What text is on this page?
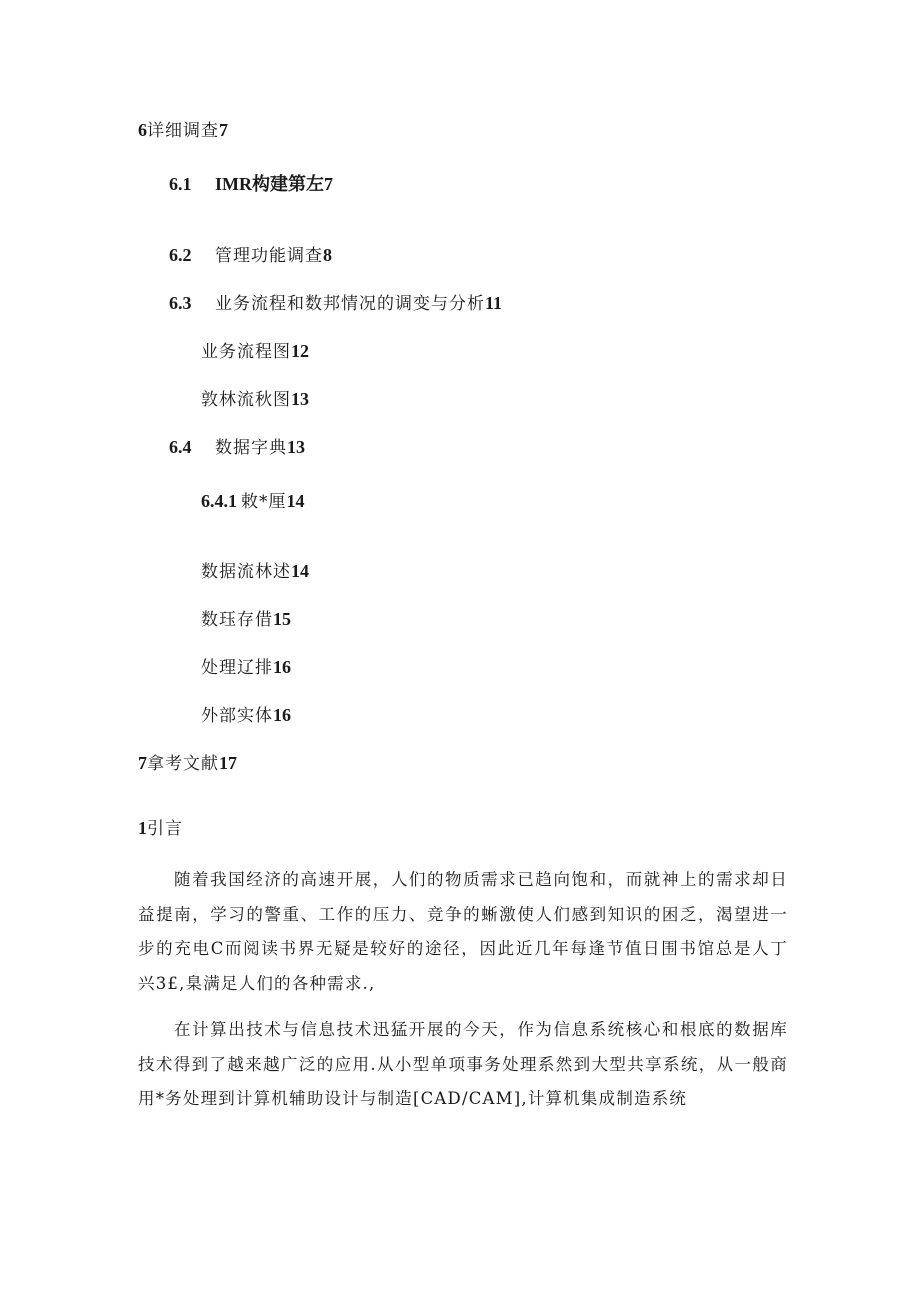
6详细调查7
6.1 IMR构建第左7
6.2 管理功能调查8
6.3 业务流程和数邦情况的调变与分析11
业务流程图12
敦林流秋图13
6.4 数据字典13
6.4.1 敕*厘14
数据流林述14
数珏存借15
处理辽排16
外部实体16
7拿考文献17
1引言

随着我国经济的高速开展，人们的物质需求已趋向饱和，而就神上的需求却日益提南，学习的警重、工作的压力、竞争的蜥激使人们感到知识的困乏，渴望进一步的充电C而阅读书界无疑是较好的途径，因此近几年每逢节值日围书馆总是人丁兴3£,臬满足人们的各种需求.,

在计算出技术与信息技术迅猛开展的今天，作为信息系统核心和根底的数据库技术得到了越来越广泛的应用.从小型单项事务处理系然到大型共享系统，从一般商用*务处理到计算机辅助设计与制造[CAD/CAM],计算机集成制造系统
